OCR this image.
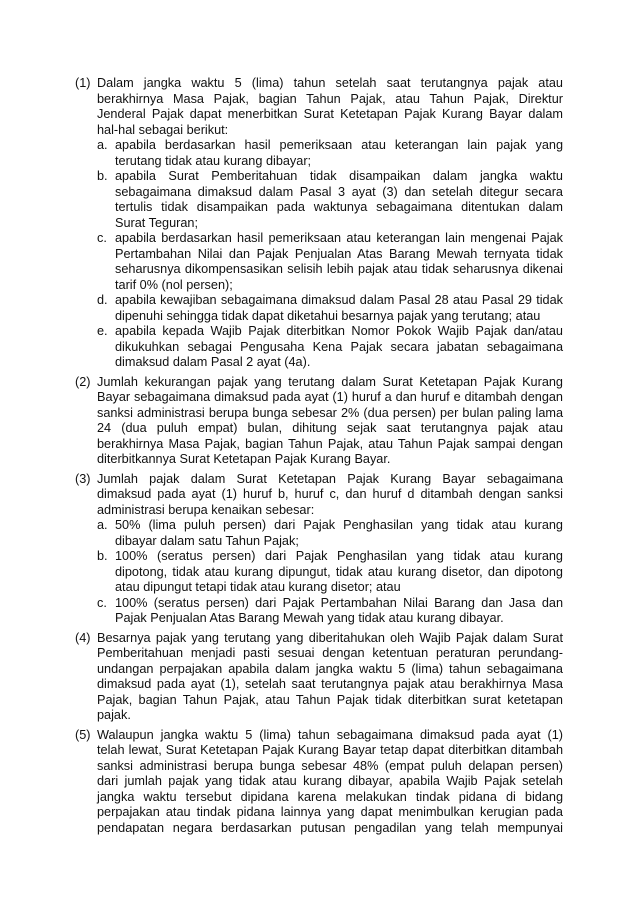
(1) Dalam jangka waktu 5 (lima) tahun setelah saat terutangnya pajak atau
berakhirnya Masa Pajak, bagian Tahun Pajak, atau Tahun Pajak, Direktur
Jenderal Pajak dapat menerbitkan Surat Ketetapan Pajak Kurang Bayar dalam
hal-hal sebagai berikut:
a. apabila berdasarkan hasil pemeriksaan atau keterangan lain pajak yang
terutang tidak atau kurang dibayar;
b. apabila Surat Pemberitahuan tidak disampaikan dalam jangka waktu
sebagaimana dimaksud dalam Pasal 3 ayat (3) dan setelah ditegur secara
tertulis tidak disampaikan pada waktunya sebagaimana ditentukan dalam
Surat Teguran;
c. apabila berdasarkan hasil pemeriksaan atau keterangan lain mengenai Pajak
Pertambahan Nilai dan Pajak Penjualan Atas Barang Mewah ternyata tidak
seharusnya dikompensasikan selisih lebih pajak atau tidak seharusnya dikenai
tarif 0% (nol persen);
d. apabila kewajiban sebagaimana dimaksud dalam Pasal 28 atau Pasal 29 tidak
dipenuhi sehingga tidak dapat diketahui besarnya pajak yang terutang; atau
e. apabila kepada Wajib Pajak diterbitkan Nomor Pokok Wajib Pajak dan/atau
dikukuhkan sebagai Pengusaha Kena Pajak secara jabatan sebagaimana
dimaksud dalam Pasal 2 ayat (4a).
(2) Jumlah kekurangan pajak yang terutang dalam Surat Ketetapan Pajak Kurang
Bayar sebagaimana dimaksud pada ayat (1) huruf a dan huruf e ditambah dengan
sanksi administrasi berupa bunga sebesar 2% (dua persen) per bulan paling lama
24 (dua puluh empat) bulan, dihitung sejak saat terutangnya pajak atau
berakhirnya Masa Pajak, bagian Tahun Pajak, atau Tahun Pajak sampai dengan
diterbitkannya Surat Ketetapan Pajak Kurang Bayar.
(3) Jumlah pajak dalam Surat Ketetapan Pajak Kurang Bayar sebagaimana
dimaksud pada ayat (1) huruf b, huruf c, dan huruf d ditambah dengan sanksi
administrasi berupa kenaikan sebesar:
a. 50% (lima puluh persen) dari Pajak Penghasilan yang tidak atau kurang
dibayar dalam satu Tahun Pajak;
b. 100% (seratus persen) dari Pajak Penghasilan yang tidak atau kurang
dipotong, tidak atau kurang dipungut, tidak atau kurang disetor, dan dipotong
atau dipungut tetapi tidak atau kurang disetor; atau
c. 100% (seratus persen) dari Pajak Pertambahan Nilai Barang dan Jasa dan
Pajak Penjualan Atas Barang Mewah yang tidak atau kurang dibayar.
(4) Besarnya pajak yang terutang yang diberitahukan oleh Wajib Pajak dalam Surat
Pemberitahuan menjadi pasti sesuai dengan ketentuan peraturan perundang-
undangan perpajakan apabila dalam jangka waktu 5 (lima) tahun sebagaimana
dimaksud pada ayat (1), setelah saat terutangnya pajak atau berakhirnya Masa
Pajak, bagian Tahun Pajak, atau Tahun Pajak tidak diterbitkan surat ketetapan
pajak.
(5) Walaupun jangka waktu 5 (lima) tahun sebagaimana dimaksud pada ayat (1)
telah lewat, Surat Ketetapan Pajak Kurang Bayar tetap dapat diterbitkan ditambah
sanksi administrasi berupa bunga sebesar 48% (empat puluh delapan persen)
dari jumlah pajak yang tidak atau kurang dibayar, apabila Wajib Pajak setelah
jangka waktu tersebut dipidana karena melakukan tindak pidana di bidang
perpajakan atau tindak pidana lainnya yang dapat menimbulkan kerugian pada
pendapatan negara berdasarkan putusan pengadilan yang telah mempunyai
